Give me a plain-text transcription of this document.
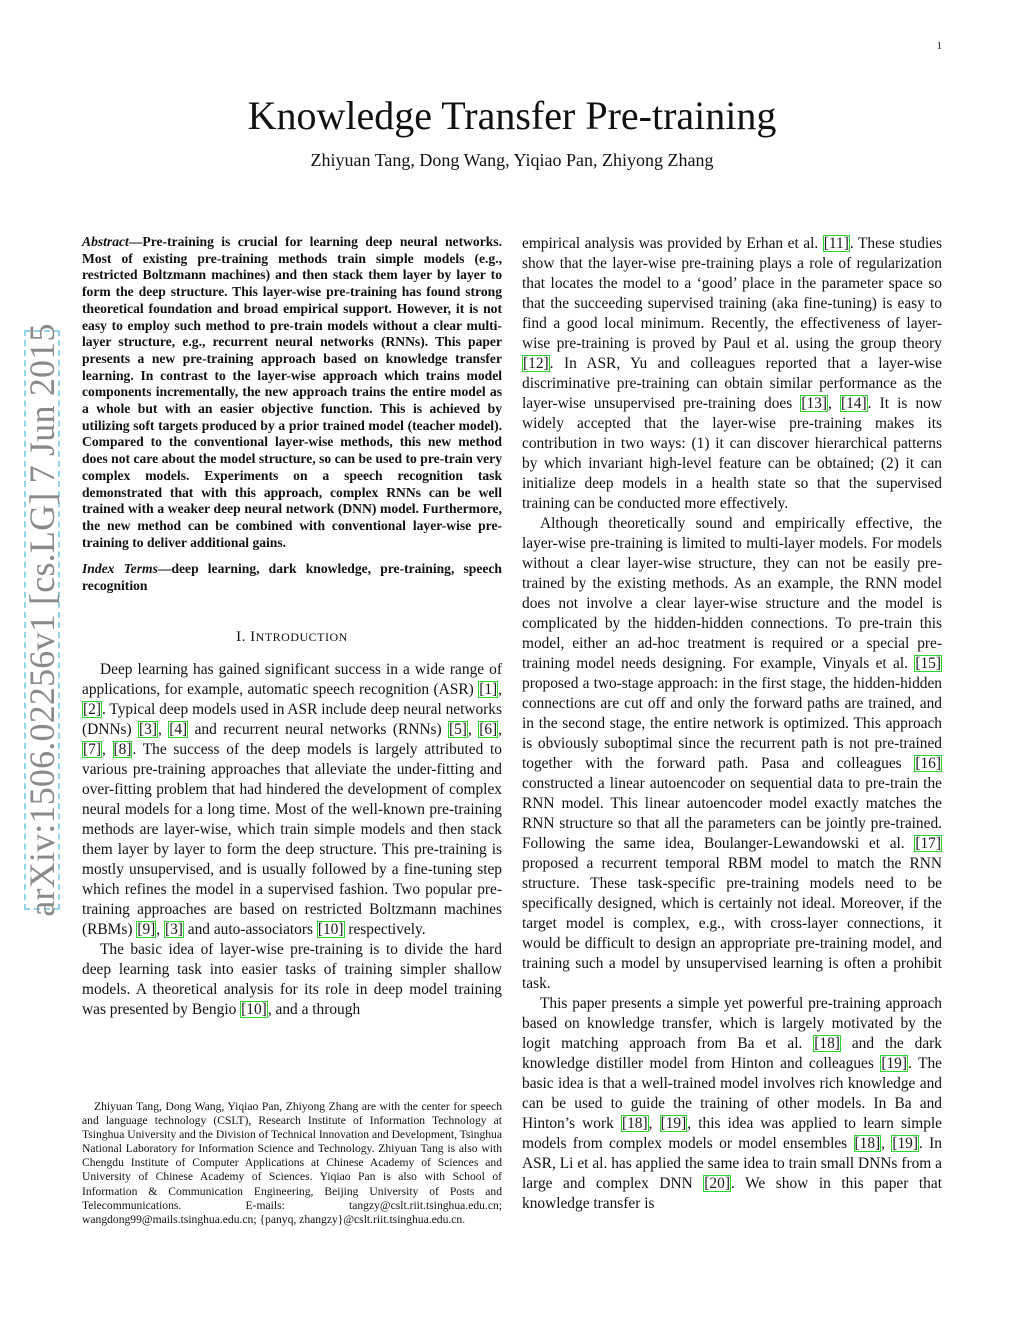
1
arXiv:1506.02256v1 [cs.LG] 7 Jun 2015
Knowledge Transfer Pre-training
Zhiyuan Tang, Dong Wang, Yiqiao Pan, Zhiyong Zhang

Abstract—Pre-training is crucial for learning deep neural networks. Most of existing pre-training methods train simple models (e.g., restricted Boltzmann machines) and then stack them layer by layer to form the deep structure. This layer-wise pre-training has found strong theoretical foundation and broad empirical support. However, it is not easy to employ such method to pre-train models without a clear multi-layer structure, e.g., recurrent neural networks (RNNs). This paper presents a new pre-training approach based on knowledge transfer learning. In contrast to the layer-wise approach which trains model components incrementally, the new approach trains the entire model as a whole but with an easier objective function. This is achieved by utilizing soft targets produced by a prior trained model (teacher model). Compared to the conventional layer-wise methods, this new method does not care about the model structure, so can be used to pre-train very complex models. Experiments on a speech recognition task demonstrated that with this approach, complex RNNs can be well trained with a weaker deep neural network (DNN) model. Furthermore, the new method can be combined with conventional layer-wise pre-training to deliver additional gains.

Index Terms—deep learning, dark knowledge, pre-training, speech recognition

I. INTRODUCTION

Deep learning has gained significant success in a wide range of applications, for example, automatic speech recognition (ASR) [1], [2]. Typical deep models used in ASR include deep neural networks (DNNs) [3], [4] and recurrent neural networks (RNNs) [5], [6], [7], [8]. The success of the deep models is largely attributed to various pre-training approaches that alleviate the under-fitting and over-fitting problem that had hindered the development of complex neural models for a long time. Most of the well-known pre-training methods are layer-wise, which train simple models and then stack them layer by layer to form the deep structure. This pre-training is mostly unsupervised, and is usually followed by a fine-tuning step which refines the model in a supervised fashion. Two popular pre-training approaches are based on restricted Boltzmann machines (RBMs) [9], [3] and auto-associators [10] respectively.

The basic idea of layer-wise pre-training is to divide the hard deep learning task into easier tasks of training simpler shallow models. A theoretical analysis for its role in deep model training was presented by Bengio [10], and a through

Zhiyuan Tang, Dong Wang, Yiqiao Pan, Zhiyong Zhang are with the center for speech and language technology (CSLT), Research Institute of Information Technology at Tsinghua University and the Division of Technical Innovation and Development, Tsinghua National Laboratory for Information Science and Technology. Zhiyuan Tang is also with Chengdu Institute of Computer Applications at Chinese Academy of Sciences and University of Chinese Academy of Sciences. Yiqiao Pan is also with School of Information & Communication Engineering, Beijing University of Posts and Telecommunications. E-mails: tangzy@cslt.riit.tsinghua.edu.cn; wangdong99@mails.tsinghua.edu.cn; {panyq, zhangzy}@cslt.riit.tsinghua.edu.cn.

empirical analysis was provided by Erhan et al. [11]. These studies show that the layer-wise pre-training plays a role of regularization that locates the model to a ‘good’ place in the parameter space so that the succeeding supervised training (aka fine-tuning) is easy to find a good local minimum. Recently, the effectiveness of layer-wise pre-training is proved by Paul et al. using the group theory [12]. In ASR, Yu and colleagues reported that a layer-wise discriminative pre-training can obtain similar performance as the layer-wise unsupervised pre-training does [13], [14]. It is now widely accepted that the layer-wise pre-training makes its contribution in two ways: (1) it can discover hierarchical patterns by which invariant high-level feature can be obtained; (2) it can initialize deep models in a health state so that the supervised training can be conducted more effectively.

Although theoretically sound and empirically effective, the layer-wise pre-training is limited to multi-layer models. For models without a clear layer-wise structure, they can not be easily pre-trained by the existing methods. As an example, the RNN model does not involve a clear layer-wise structure and the model is complicated by the hidden-hidden connections. To pre-train this model, either an ad-hoc treatment is required or a special pre-training model needs designing. For example, Vinyals et al. [15] proposed a two-stage approach: in the first stage, the hidden-hidden connections are cut off and only the forward paths are trained, and in the second stage, the entire network is optimized. This approach is obviously suboptimal since the recurrent path is not pre-trained together with the forward path. Pasa and colleagues [16] constructed a linear autoencoder on sequential data to pre-train the RNN model. This linear autoencoder model exactly matches the RNN structure so that all the parameters can be jointly pre-trained. Following the same idea, Boulanger-Lewandowski et al. [17] proposed a recurrent temporal RBM model to match the RNN structure. These task-specific pre-training models need to be specifically designed, which is certainly not ideal. Moreover, if the target model is complex, e.g., with cross-layer connections, it would be difficult to design an appropriate pre-training model, and training such a model by unsupervised learning is often a prohibit task.

This paper presents a simple yet powerful pre-training approach based on knowledge transfer, which is largely motivated by the logit matching approach from Ba et al. [18] and the dark knowledge distiller model from Hinton and colleagues [19]. The basic idea is that a well-trained model involves rich knowledge and can be used to guide the training of other models. In Ba and Hinton’s work [18], [19], this idea was applied to learn simple models from complex models or model ensembles [18], [19]. In ASR, Li et al. has applied the same idea to train small DNNs from a large and complex DNN [20]. We show in this paper that knowledge transfer is
